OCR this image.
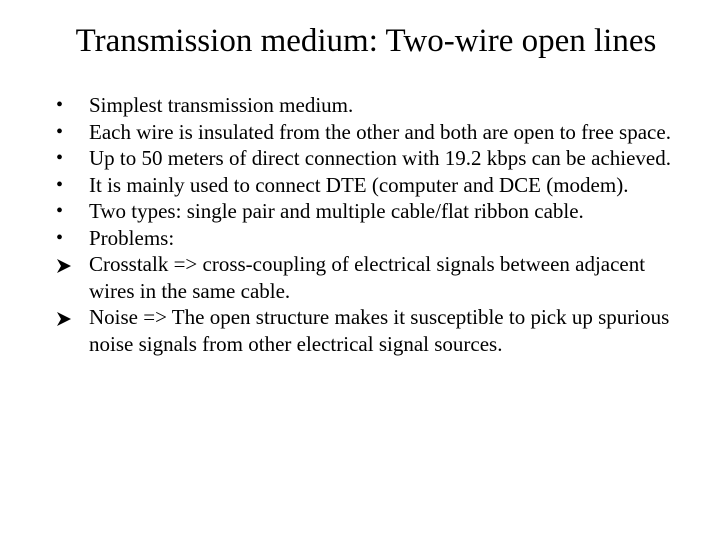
Transmission medium: Two-wire open lines
•	Simplest transmission medium.
•	Each wire is insulated from the other and both are open to free space.
•	Up to 50 meters of direct connection with 19.2 kbps can be achieved.
•	It is mainly used to connect DTE (computer and DCE (modem).
•	Two types: single pair and multiple cable/flat ribbon cable.
•	Problems:
Crosstalk => cross-coupling of electrical signals between adjacent wires in the same cable.
Noise => The open structure makes it susceptible to pick up spurious noise signals from other electrical signal sources.
